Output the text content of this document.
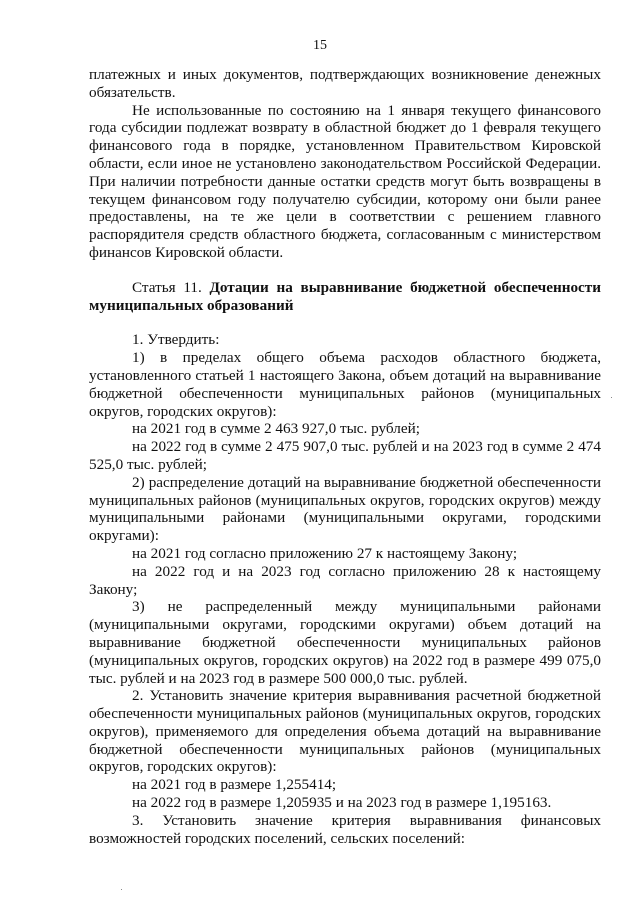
15

платежных и иных документов, подтверждающих возникновение денежных обязательств.

Не использованные по состоянию на 1 января текущего финансового года субсидии подлежат возврату в областной бюджет до 1 февраля текущего финансового года в порядке, установленном Правительством Кировской области, если иное не установлено законодательством Российской Федерации. При наличии потребности данные остатки средств могут быть возвращены в текущем финансовом году получателю субсидии, которому они были ранее предоставлены, на те же цели в соответствии с решением главного распорядителя средств областного бюджета, согласованным с министерством финансов Кировской области.

Статья 11. Дотации на выравнивание бюджетной обеспеченности муниципальных образований

1. Утвердить:

1) в пределах общего объема расходов областного бюджета, установленного статьей 1 настоящего Закона, объем дотаций на выравнивание бюджетной обеспеченности муниципальных районов (муниципальных округов, городских округов):

на 2021 год в сумме 2 463 927,0 тыс. рублей;

на 2022 год в сумме 2 475 907,0 тыс. рублей и на 2023 год в сумме 2 474 525,0 тыс. рублей;

2) распределение дотаций на выравнивание бюджетной обеспеченности муниципальных районов (муниципальных округов, городских округов) между муниципальными районами (муниципальными округами, городскими округами):

на 2021 год согласно приложению 27 к настоящему Закону;

на 2022 год и на 2023 год согласно приложению 28 к настоящему Закону;

3) не распределенный между муниципальными районами (муниципальными округами, городскими округами) объем дотаций на выравнивание бюджетной обеспеченности муниципальных районов (муниципальных округов, городских округов) на 2022 год в размере 499 075,0 тыс. рублей и на 2023 год в размере 500 000,0 тыс. рублей.

2. Установить значение критерия выравнивания расчетной бюджетной обеспеченности муниципальных районов (муниципальных округов, городских округов), применяемого для определения объема дотаций на выравнивание бюджетной обеспеченности муниципальных районов (муниципальных округов, городских округов):

на 2021 год в размере 1,255414;

на 2022 год в размере 1,205935 и на 2023 год в размере 1,195163.

3. Установить значение критерия выравнивания финансовых возможностей городских поселений, сельских поселений:
